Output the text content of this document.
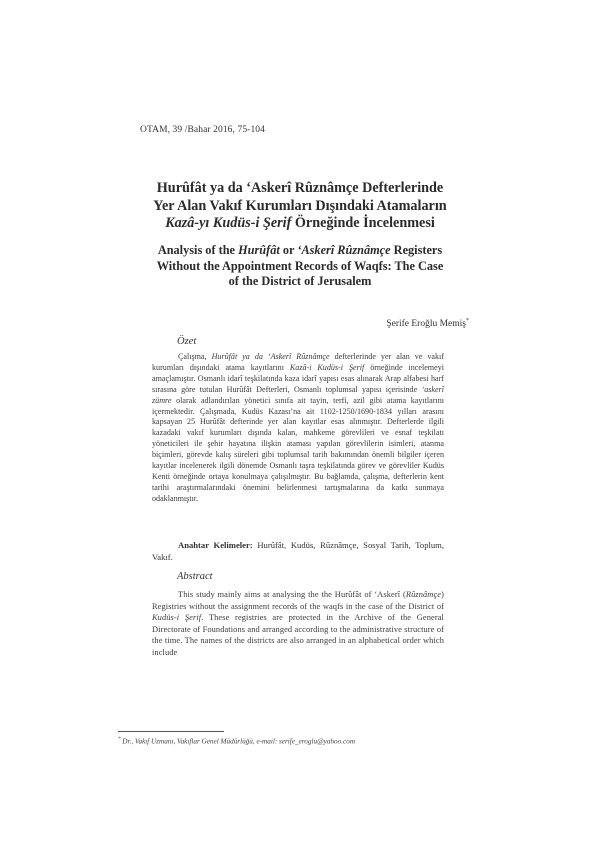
OTAM, 39 /Bahar 2016, 75-104
Hurûfât ya da ‘Askerî Rûznâmçe Defterlerinde
Yer Alan Vakıf Kurumları Dışındaki Atamaların
Kazâ-yı Kudüs-i Şerif Örneğinde İncelenmesi
Analysis of the Hurûfât or ‘Askerî Rûznâmçe Registers
Without the Appointment Records of Waqfs: The Case
of the District of Jerusalem
Şerife Eroğlu Memiş*
Özet
Çalışma, Hurûfât ya da ‘Askerî Rûznâmçe defterlerinde yer alan ve vakıf kurumları dışındaki atama kayıtlarını Kazâ-i Kudüs-i Şerif örneğinde incelemeyi amaçlamıştır. Osmanlı idarî teşkilatında kaza idarî yapısı esas alınarak Arap alfabesi harf sırasına göre tutulan Hurûfât Defterleri, Osmanlı toplumsal yapısı içerisinde ‘askerî zümre olarak adlandırılan yönetici sınıfa ait tayin, terfi, azil gibi atama kayıtlarını içermektedir. Çalışmada, Kudüs Kazası’na ait 1102-1250/1690-1834 yılları arasını kapsayan 25 Hurûfât defterinde yer alan kayıtlar esas alınmıştır. Defterlerde ilgili kazadaki vakıf kurumları dışında kalan, mahkeme görevlileri ve esnaf teşkilatı yöneticileri ile şehir hayatına ilişkin ataması yapılan görevlilerin isimleri, atanma biçimleri, görevde kalış süreleri gibi toplumsal tarih bakımından önemli bilgiler içeren kayıtlar incelenerek ilgili dönemde Osmanlı taşra teşkilatında görev ve görevliler Kudüs Kenti örneğinde ortaya konulmaya çalışılmıştır. Bu bağlamda, çalışma, defterlerin kent tarihi araştırmalarındaki önemini belirlenmesi tartışmalarına da katkı sunmaya odaklanmıştır.
Anahtar Kelimeler: Hurûfât, Kudüs, Rûznâmçe, Sosyal Tarih, Toplum, Vakıf.
Abstract
This study mainly aims at analysing the the Hurûfât of ‘Askerî (Rûznâmçe) Registries without the assignment records of the waqfs in the case of the District of Kudüs-i Şerif. These registries are protected in the Archive of the General Directorate of Foundations and arranged according to the administrative structure of the time. The names of the districts are also arranged in an alphabetical order which include
* Dr., Vakıf Uzmanı, Vakıflar Genel Müdürlüğü, e-mail: serife_eroglu@yahoo.com
